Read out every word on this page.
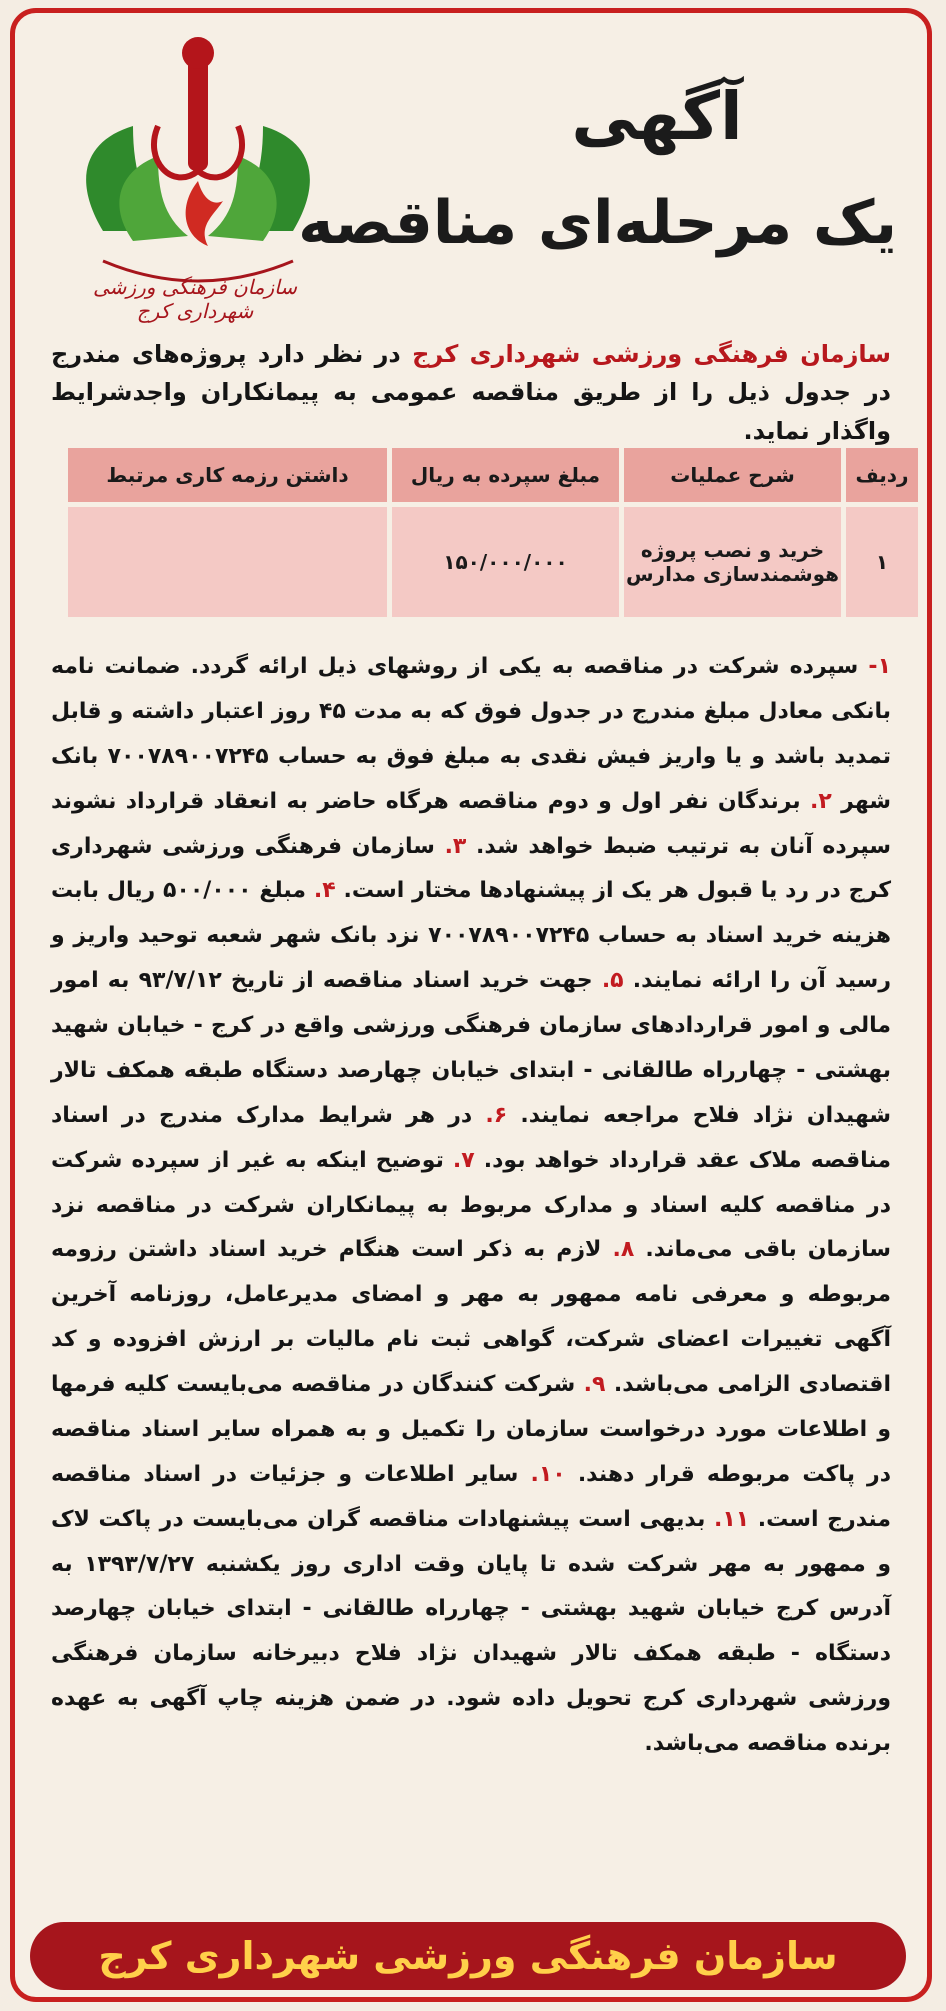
سازمان فرهنگی ورزشی شهرداری کرج
آگهی
یک مرحله‌ای مناقصه
سازمان فرهنگی ورزشی شهرداری کرج در نظر دارد پروژه‌های مندرج در جدول ذیل را از طریق مناقصه عمومی به پیمانکاران واجدشرایط واگذار نماید.
ردیف	شرح عملیات	مبلغ سپرده به ریال	داشتن رزمه کاری مرتبط
۱	خرید و نصب پروژه هوشمندسازی مدارس	۱۵۰/۰۰۰/۰۰۰	
۱- سپرده شرکت در مناقصه به یکی از روشهای ذیل ارائه گردد. ضمانت نامه بانکی معادل مبلغ مندرج در جدول فوق که به مدت ۴۵ روز اعتبار داشته و قابل تمدید باشد و یا واریز فیش نقدی به مبلغ فوق به حساب ۷۰۰۷۸۹۰۰۷۲۴۵ بانک شهر ۲. برندگان نفر اول و دوم مناقصه هرگاه حاضر به انعقاد قرارداد نشوند سپرده آنان به ترتیب ضبط خواهد شد. ۳. سازمان فرهنگی ورزشی شهرداری کرج در رد یا قبول هر یک از پیشنهادها مختار است. ۴. مبلغ ۵۰۰/۰۰۰ ریال بابت هزینه خرید اسناد به حساب ۷۰۰۷۸۹۰۰۷۲۴۵ نزد بانک شهر شعبه توحید واریز و رسید آن را ارائه نمایند. ۵. جهت خرید اسناد مناقصه از تاریخ ۹۳/۷/۱۲ به امور مالی و امور قراردادهای سازمان فرهنگی ورزشی واقع در کرج - خیابان شهید بهشتی - چهارراه طالقانی - ابتدای خیابان چهارصد دستگاه طبقه همکف تالار شهیدان نژاد فلاح مراجعه نمایند. ۶. در هر شرایط مدارک مندرج در اسناد مناقصه ملاک عقد قرارداد خواهد بود. ۷. توضیح اینکه به غیر از سپرده شرکت در مناقصه کلیه اسناد و مدارک مربوط به پیمانکاران شرکت در مناقصه نزد سازمان باقی می‌ماند. ۸. لازم به ذکر است هنگام خرید اسناد داشتن رزومه مربوطه و معرفی نامه ممهور به مهر و امضای مدیرعامل، روزنامه آخرین آگهی تغییرات اعضای شرکت، گواهی ثبت نام مالیات بر ارزش افزوده و کد اقتصادی الزامی می‌باشد. ۹. شرکت کنندگان در مناقصه می‌بایست کلیه فرمها و اطلاعات مورد درخواست سازمان را تکمیل و به همراه سایر اسناد مناقصه در پاکت مربوطه قرار دهند. ۱۰. سایر اطلاعات و جزئیات در اسناد مناقصه مندرج است. ۱۱. بدیهی است پیشنهادات مناقصه گران می‌بایست در پاکت لاک و ممهور به مهر شرکت شده تا پایان وقت اداری روز یکشنبه ۱۳۹۳/۷/۲۷ به آدرس کرج خیابان شهید بهشتی - چهارراه طالقانی - ابتدای خیابان چهارصد دستگاه - طبقه همکف تالار شهیدان نژاد فلاح دبیرخانه سازمان فرهنگی ورزشی شهرداری کرج تحویل داده شود. در ضمن هزینه چاپ آگهی به عهده برنده مناقصه می‌باشد.
سازمان فرهنگی ورزشی شهرداری کرج
